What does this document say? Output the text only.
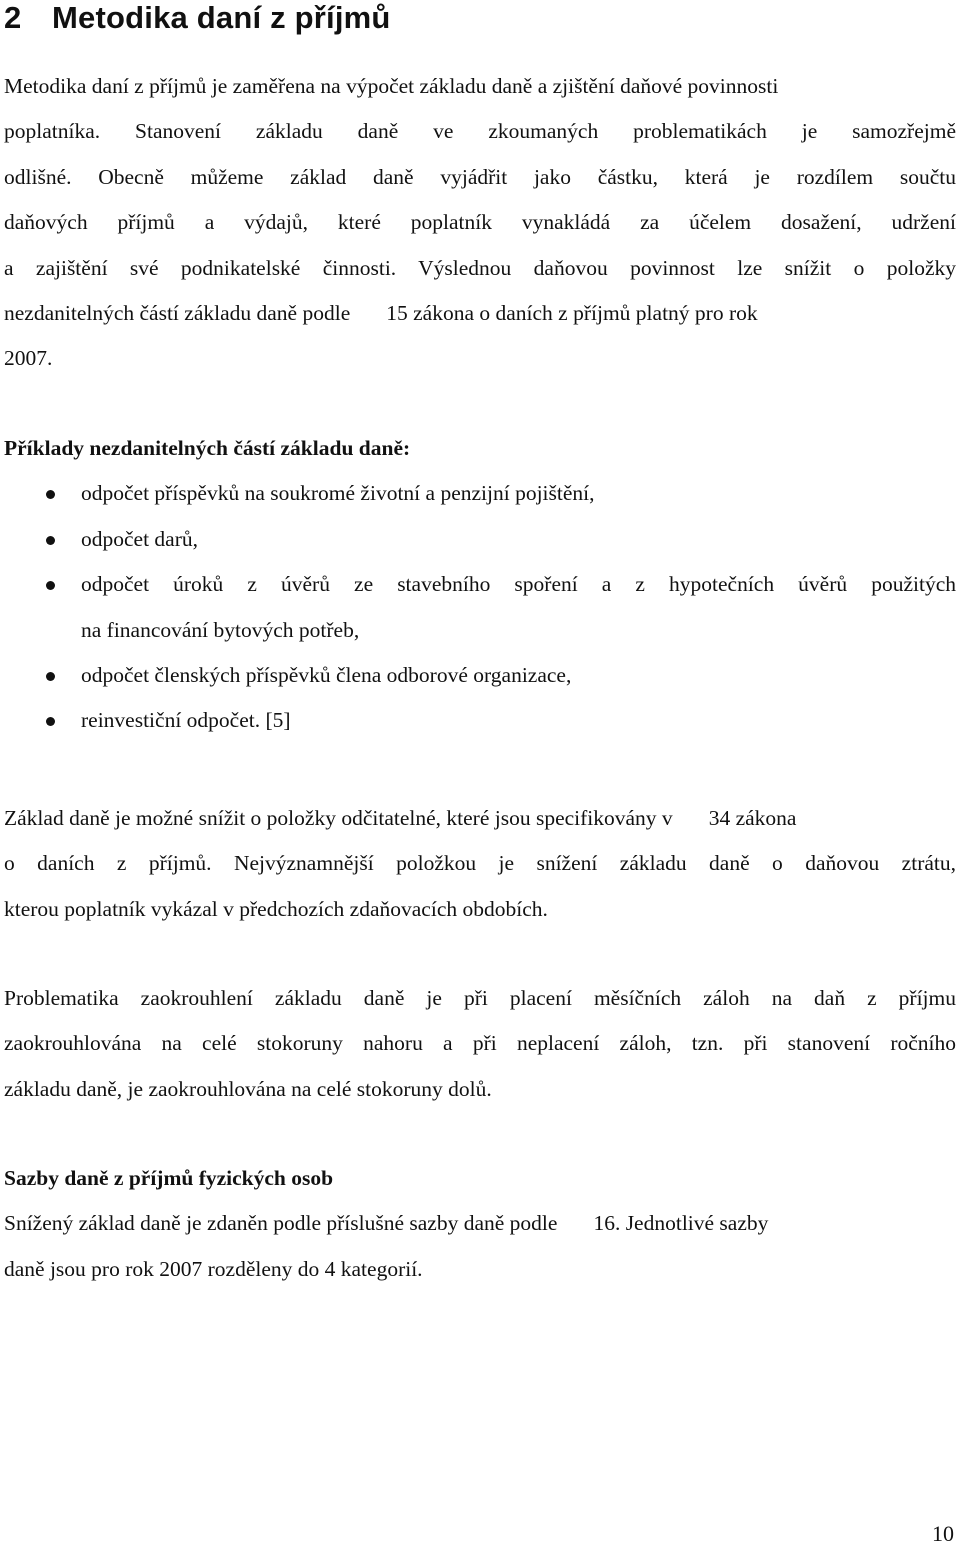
2 Metodika daní z příjmů
Metodika daní z příjmů je zaměřena na výpočet základu daně a zjištění daňové povinnosti
poplatníka. Stanovení základu daně ve zkoumaných problematikách je samozřejmě
odlišné. Obecně můžeme základ daně vyjádřit jako částku, která je rozdílem součtu
daňových příjmů a výdajů, které poplatník vynakládá za účelem dosažení, udržení
a zajištění své podnikatelské činnosti. Výslednou daňovou povinnost lze snížit o položky
nezdanitelných částí základu daně podle 15 zákona o daních z příjmů platný pro rok
2007.
Příklady nezdanitelných částí základu daně:
odpočet příspěvků na soukromé životní a penzijní pojištění,
odpočet darů,
odpočet úroků z úvěrů ze stavebního spoření a z hypotečních úvěrů použitých
na financování bytových potřeb,
odpočet členských příspěvků člena odborové organizace,
reinvestiční odpočet. [5]
Základ daně je možné snížit o položky odčitatelné, které jsou specifikovány v 34 zákona
o daních z příjmů. Nejvýznamnější položkou je snížení základu daně o daňovou ztrátu,
kterou poplatník vykázal v předchozích zdaňovacích obdobích.
Problematika zaokrouhlení základu daně je při placení měsíčních záloh na daň z příjmu
zaokrouhlována na celé stokoruny nahoru a při neplacení záloh, tzn. při stanovení ročního
základu daně, je zaokrouhlována na celé stokoruny dolů.
Sazby daně z příjmů fyzických osob
Snížený základ daně je zdaněn podle příslušné sazby daně podle 16. Jednotlivé sazby
daně jsou pro rok 2007 rozděleny do 4 kategorií.

10
